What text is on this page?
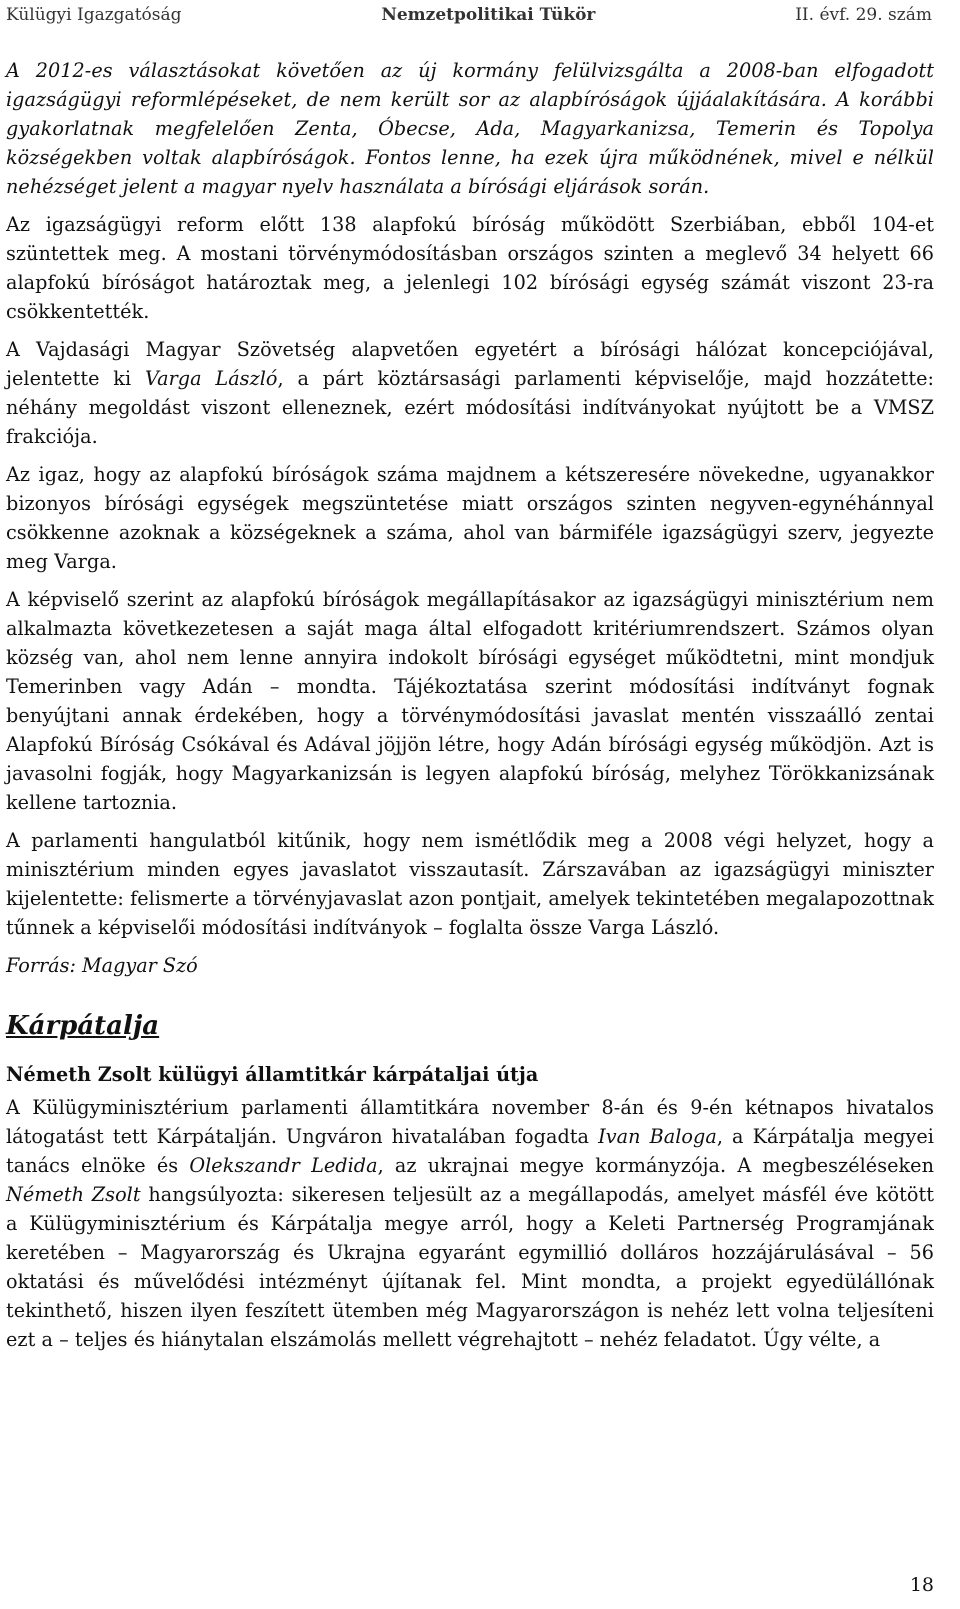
Külügyi Igazgatóság	Nemzetpolitikai Tükör	II. évf. 29. szám

A 2012-es választásokat követően az új kormány felülvizsgálta a 2008-ban elfogadott igazságügyi reformlépéseket, de nem került sor az alapbíróságok újjáalakítására. A korábbi gyakorlatnak megfelelően Zenta, Óbecse, Ada, Magyarkanizsa, Temerin és Topolya községekben voltak alapbíróságok. Fontos lenne, ha ezek újra működnének, mivel e nélkül nehézséget jelent a magyar nyelv használata a bírósági eljárások során.

Az igazságügyi reform előtt 138 alapfokú bíróság működött Szerbiában, ebből 104-et szüntettek meg. A mostani törvénymódosításban országos szinten a meglevő 34 helyett 66 alapfokú bíróságot határoztak meg, a jelenlegi 102 bírósági egység számát viszont 23-ra csökkentették.

A Vajdasági Magyar Szövetség alapvetően egyetért a bírósági hálózat koncepciójával, jelentette ki Varga László, a párt köztársasági parlamenti képviselője, majd hozzátette: néhány megoldást viszont elleneznek, ezért módosítási indítványokat nyújtott be a VMSZ frakciója.

Az igaz, hogy az alapfokú bíróságok száma majdnem a kétszeresére növekedne, ugyanakkor bizonyos bírósági egységek megszüntetése miatt országos szinten negyven-egynéhánnyal csökkenne azoknak a községeknek a száma, ahol van bármiféle igazságügyi szerv, jegyezte meg Varga.

A képviselő szerint az alapfokú bíróságok megállapításakor az igazságügyi minisztérium nem alkalmazta következetesen a saját maga által elfogadott kritériumrendszert. Számos olyan község van, ahol nem lenne annyira indokolt bírósági egységet működtetni, mint mondjuk Temerinben vagy Adán – mondta. Tájékoztatása szerint módosítási indítványt fognak benyújtani annak érdekében, hogy a törvénymódosítási javaslat mentén visszaálló zentai Alapfokú Bíróság Csókával és Adával jöjjön létre, hogy Adán bírósági egység működjön. Azt is javasolni fogják, hogy Magyarkanizsán is legyen alapfokú bíróság, melyhez Törökkanizsának kellene tartoznia.

A parlamenti hangulatból kitűnik, hogy nem ismétlődik meg a 2008 végi helyzet, hogy a minisztérium minden egyes javaslatot visszautasít. Zárszavában az igazságügyi miniszter kijelentette: felismerte a törvényjavaslat azon pontjait, amelyek tekintetében megalapozottnak tűnnek a képviselői módosítási indítványok – foglalta össze Varga László.

Forrás: Magyar Szó

Kárpátalja
Németh Zsolt külügyi államtitkár kárpátaljai útja

A Külügyminisztérium parlamenti államtitkára november 8-án és 9-én kétnapos hivatalos látogatást tett Kárpátalján. Ungváron hivatalában fogadta Ivan Baloga, a Kárpátalja megyei tanács elnöke és Olekszandr Ledida, az ukrajnai megye kormányzója. A megbeszéléseken Németh Zsolt hangsúlyozta: sikeresen teljesült az a megállapodás, amelyet másfél éve kötött a Külügyminisztérium és Kárpátalja megye arról, hogy a Keleti Partnerség Programjának keretében – Magyarország és Ukrajna egyaránt egymillió dolláros hozzájárulásával – 56 oktatási és művelődési intézményt újítanak fel. Mint mondta, a projekt egyedülállónak tekinthető, hiszen ilyen feszített ütemben még Magyarországon is nehéz lett volna teljesíteni ezt a – teljes és hiánytalan elszámolás mellett végrehajtott – nehéz feladatot. Úgy vélte, a

18
